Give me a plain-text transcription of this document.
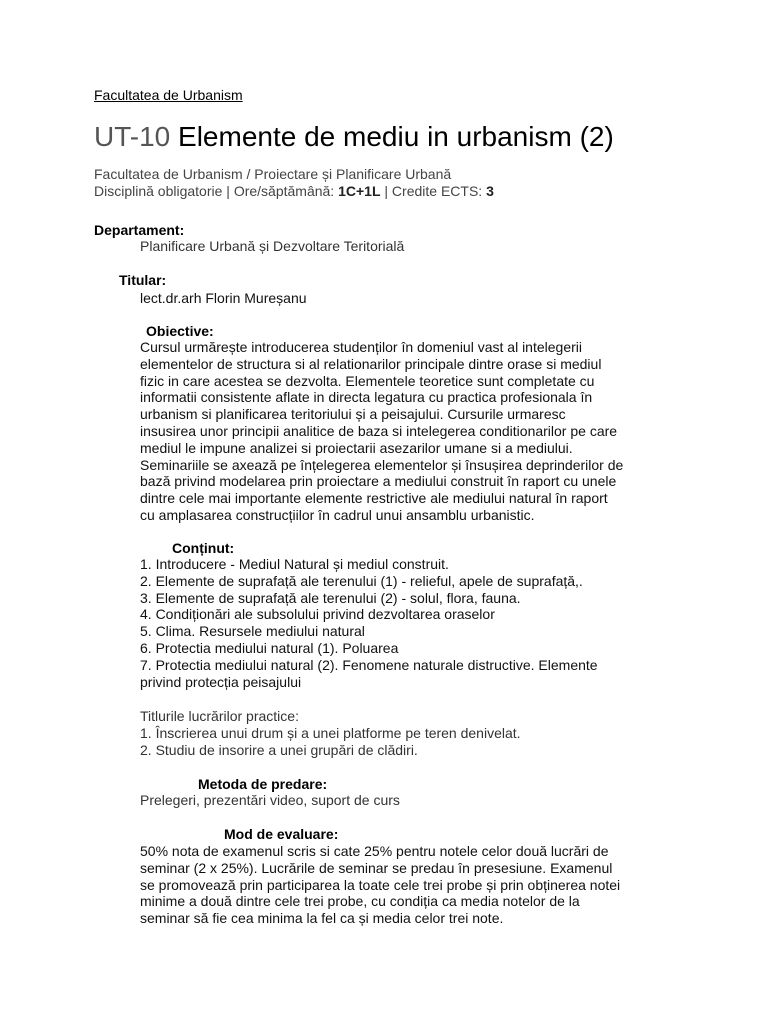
Facultatea de Urbanism
UT-10 Elemente de mediu in urbanism (2)
Facultatea de Urbanism / Proiectare și Planificare Urbană
Disciplină obligatorie | Ore/săptămână: 1C+1L | Credite ECTS: 3
Departament:

Planificare Urbană și Dezvoltare Teritorială

Titular:

lect.dr.arh Florin Mureșanu

Obiective:

Cursul urmărește introducerea studenților în domeniul vast al intelegerii

elementelor de structura si al relationarilor principale dintre orase si mediul

fizic in care acestea se dezvolta. Elementele teoretice sunt completate cu

informatii consistente aflate in directa legatura cu practica profesionala în

urbanism si planificarea teritoriului și a peisajului. Cursurile urmaresc

insusirea unor principii analitice de baza si intelegerea conditionarilor pe care

mediul le impune analizei si proiectarii asezarilor umane si a mediului.

Seminariile se axează pe înțelegerea elementelor și însușirea deprinderilor de

bază privind modelarea prin proiectare a mediului construit în raport cu unele

dintre cele mai importante elemente restrictive ale mediului natural în raport

cu amplasarea construcțiilor în cadrul unui ansamblu urbanistic.

Conținut:

1. Introducere - Mediul Natural și mediul construit.

2. Elemente de suprafață ale terenului (1) - relieful, apele de suprafață,.

3. Elemente de suprafață ale terenului (2) - solul, flora, fauna.

4. Condiționări ale subsolului privind dezvoltarea oraselor

5. Clima. Resursele mediului natural

6. Protectia mediului natural (1). Poluarea

7. Protectia mediului natural (2). Fenomene naturale distructive. Elemente

privind protecția peisajului

Titlurile lucrărilor practice:

1. Înscrierea unui drum și a unei platforme pe teren denivelat.

2. Studiu de insorire a unei grupări de clădiri.

Metoda de predare:

Prelegeri, prezentări video, suport de curs

Mod de evaluare:

50% nota de examenul scris si cate 25% pentru notele celor două lucrări de

seminar (2 x 25%). Lucrările de seminar se predau în presesiune. Examenul

se promovează prin participarea la toate cele trei probe și prin obținerea notei

minime a două dintre cele trei probe, cu condiția ca media notelor de la

seminar să fie cea minima la fel ca și media celor trei note.
